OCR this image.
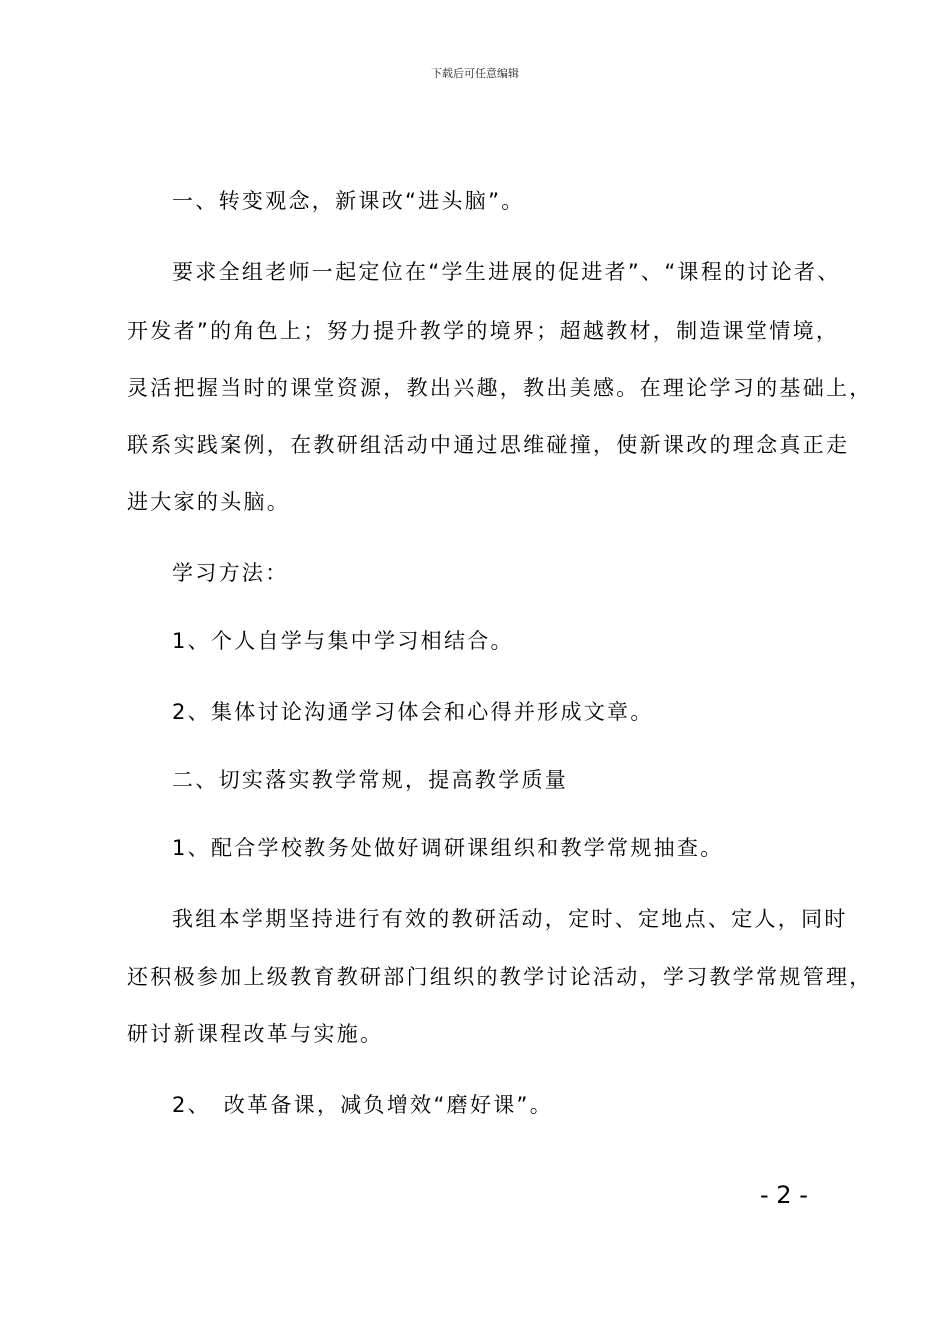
下载后可任意编辑
一、转变观念，新课改“进头脑”。
要求全组老师一起定位在“学生进展的促进者”、“课程的讨论者、
开发者”的角色上；努力提升教学的境界；超越教材，制造课堂情境，
灵活把握当时的课堂资源，教出兴趣，教出美感。在理论学习的基础上，
联系实践案例，在教研组活动中通过思维碰撞，使新课改的理念真正走
进大家的头脑。
学习方法：
1、个人自学与集中学习相结合。
2、集体讨论沟通学习体会和心得并形成文章。
二、切实落实教学常规，提高教学质量
1、配合学校教务处做好调研课组织和教学常规抽查。
我组本学期坚持进行有效的教研活动，定时、定地点、定人，同时
还积极参加上级教育教研部门组织的教学讨论活动，学习教学常规管理，
研讨新课程改革与实施。
2、　改革备课，减负增效“磨好课”。
- 2 -
